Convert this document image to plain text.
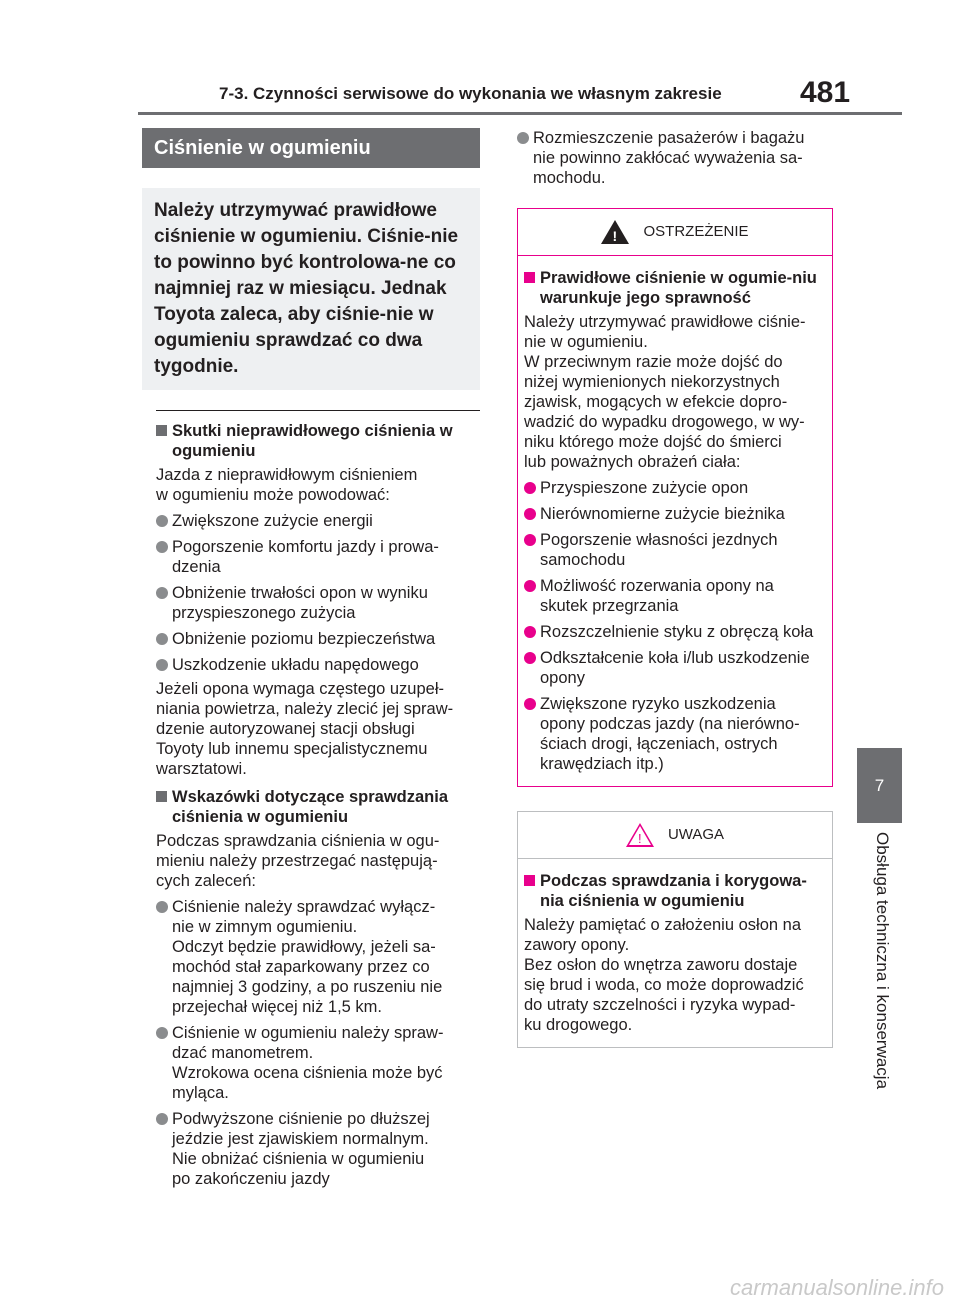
7-3. Czynności serwisowe do wykonania we własnym zakresie	481
7
Obsługa techniczna i konserwacja
Ciśnienie w ogumieniu
Należy utrzymywać prawidłowe ciśnienie w ogumieniu. Ciśnie-nie to powinno być kontrolowa-ne co najmniej raz w miesiącu. Jednak Toyota zaleca, aby ciśnie-nie w ogumieniu sprawdzać co dwa tygodnie.
Skutki nieprawidłowego ciśnienia w ogumieniu

Jazda z nieprawidłowym ciśnieniem
w ogumieniu może powodować:

Zwiększone zużycie energii
Pogorszenie komfortu jazdy i prowa-
dzenia
Obniżenie trwałości opon w wyniku
przyspieszonego zużycia
Obniżenie poziomu bezpieczeństwa
Uszkodzenie układu napędowego

Jeżeli opona wymaga częstego uzupeł-
niania powietrza, należy zlecić jej spraw-
dzenie autoryzowanej stacji obsługi
Toyoty lub innemu specjalistycznemu
warsztatowi.

Wskazówki dotyczące sprawdzania ciśnienia w ogumieniu

Podczas sprawdzania ciśnienia w ogu-
mieniu należy przestrzegać następują-
cych zaleceń:

Ciśnienie należy sprawdzać wyłącz-
nie w zimnym ogumieniu.
Odczyt będzie prawidłowy, jeżeli sa-
mochód stał zaparkowany przez co
najmniej 3 godziny, a po ruszeniu nie
przejechał więcej niż 1,5 km.
Ciśnienie w ogumieniu należy spraw-
dzać manometrem.
Wzrokowa ocena ciśnienia może być
myląca.
Podwyższone ciśnienie po dłuższej
jeździe jest zjawiskiem normalnym.
Nie obniżać ciśnienia w ogumieniu
po zakończeniu jazdy
Rozmieszczenie pasażerów i bagażu
nie powinno zakłócać wyważenia sa-
mochodu.
! OSTRZEŻENIE
Prawidłowe ciśnienie w ogumie-niu warunkuje jego sprawność

Należy utrzymywać prawidłowe ciśnie-
nie w ogumieniu.
W przeciwnym razie może dojść do
niżej wymienionych niekorzystnych
zjawisk, mogących w efekcie dopro-
wadzić do wypadku drogowego, w wy-
niku którego może dojść do śmierci
lub poważnych obrażeń ciała:

Przyspieszone zużycie opon
Nierównomierne zużycie bieżnika
Pogorszenie własności jezdnych
samochodu
Możliwość rozerwania opony na
skutek przegrzania
Rozszczelnienie styku z obręczą koła
Odkształcenie koła i/lub uszkodzenie
opony
Zwiększone ryzyko uszkodzenia
opony podczas jazdy (na nierówno-
ściach drogi, łączeniach, ostrych
krawędziach itp.)
! UWAGA
Podczas sprawdzania i korygowa-nia ciśnienia w ogumieniu

Należy pamiętać o założeniu osłon na
zawory opony.
Bez osłon do wnętrza zaworu dostaje
się brud i woda, co może doprowadzić
do utraty szczelności i ryzyka wypad-
ku drogowego.

carmanualsonline.info
